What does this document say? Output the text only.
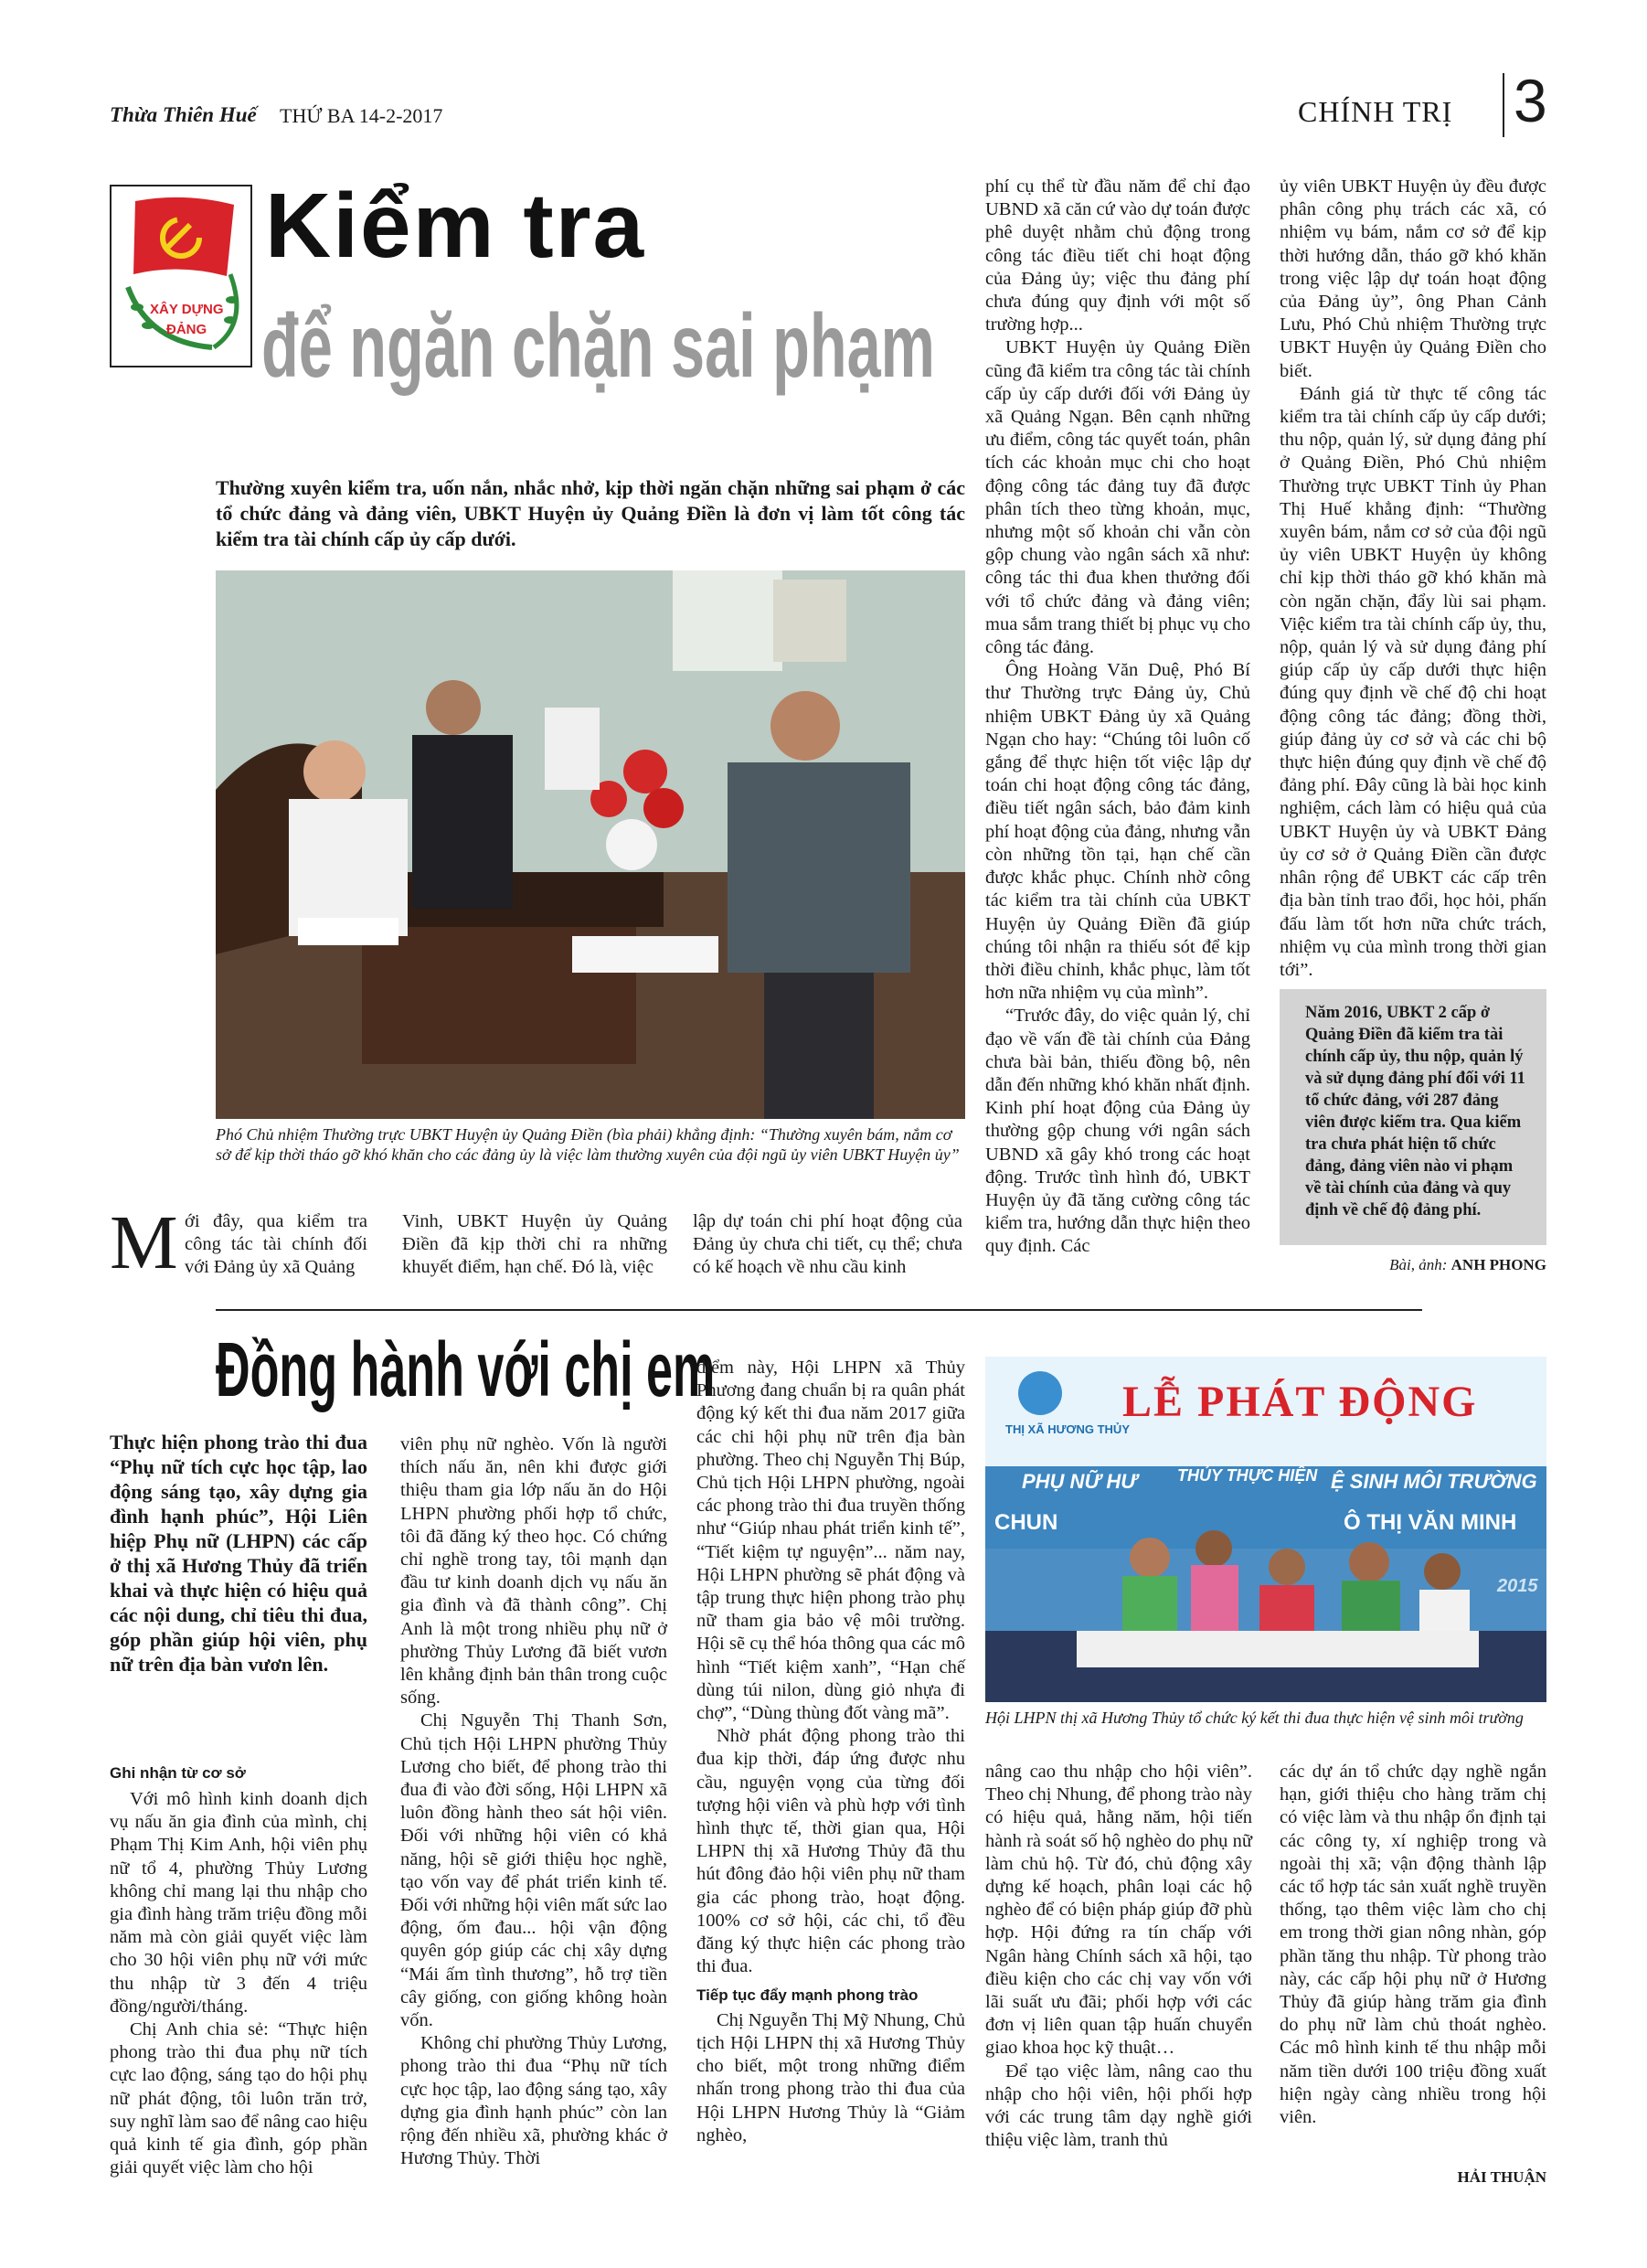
Thừa Thiên Huế THỨ BA 14-2-2017	CHÍNH TRỊ 3
XÂY DỰNG
ĐẢNG
Kiểm tra
để ngăn chặn sai phạm
Thường xuyên kiểm tra, uốn nắn, nhắc nhở, kịp thời ngăn chặn những sai phạm ở các tổ chức đảng và đảng viên, UBKT Huyện ủy Quảng Điền là đơn vị làm tốt công tác kiểm tra tài chính cấp ủy cấp dưới.
Phó Chủ nhiệm Thường trực UBKT Huyện ủy Quảng Điền (bìa phải) khẳng định: “Thường xuyên bám, nắm cơ sở để kịp thời tháo gỡ khó khăn cho các đảng ủy là việc làm thường xuyên của đội ngũ ủy viên UBKT Huyện ủy”
M ới đây, qua kiểm tra công tác tài chính đối với Đảng ủy xã Quảng
Vinh, UBKT Huyện ủy Quảng Điền đã kịp thời chỉ ra những khuyết điểm, hạn chế. Đó là, việc
lập dự toán chi phí hoạt động của Đảng ủy chưa chi tiết, cụ thể; chưa có kế hoạch về nhu cầu kinh

phí cụ thể từ đầu năm để chỉ đạo UBND xã căn cứ vào dự toán được phê duyệt nhằm chủ động trong công tác điều tiết chi hoạt động của Đảng ủy; việc thu đảng phí chưa đúng quy định với một số trường hợp...

UBKT Huyện ủy Quảng Điền cũng đã kiểm tra công tác tài chính cấp ủy cấp dưới đối với Đảng ủy xã Quảng Ngạn. Bên cạnh những ưu điểm, công tác quyết toán, phân tích các khoản mục chi cho hoạt động công tác đảng tuy đã được phân tích theo từng khoản, mục, nhưng một số khoản chi vẫn còn gộp chung vào ngân sách xã như: công tác thi đua khen thưởng đối với tổ chức đảng và đảng viên; mua sắm trang thiết bị phục vụ cho công tác đảng.

Ông Hoàng Văn Duệ, Phó Bí thư Thường trực Đảng ủy, Chủ nhiệm UBKT Đảng ủy xã Quảng Ngạn cho hay: “Chúng tôi luôn cố gắng để thực hiện tốt việc lập dự toán chi hoạt động công tác đảng, điều tiết ngân sách, bảo đảm kinh phí hoạt động của đảng, nhưng vẫn còn những tồn tại, hạn chế cần được khắc phục. Chính nhờ công tác kiểm tra tài chính của UBKT Huyện ủy Quảng Điền đã giúp chúng tôi nhận ra thiếu sót để kịp thời điều chỉnh, khắc phục, làm tốt hơn nữa nhiệm vụ của mình”.

“Trước đây, do việc quản lý, chỉ đạo về vấn đề tài chính của Đảng chưa bài bản, thiếu đồng bộ, nên dẫn đến những khó khăn nhất định. Kinh phí hoạt động của Đảng ủy thường gộp chung với ngân sách UBND xã gây khó trong các hoạt động. Trước tình hình đó, UBKT Huyện ủy đã tăng cường công tác kiểm tra, hướng dẫn thực hiện theo quy định. Các

ủy viên UBKT Huyện ủy đều được phân công phụ trách các xã, có nhiệm vụ bám, nắm cơ sở để kịp thời hướng dẫn, tháo gỡ khó khăn trong việc lập dự toán hoạt động của Đảng ủy”, ông Phan Cảnh Lưu, Phó Chủ nhiệm Thường trực UBKT Huyện ủy Quảng Điền cho biết.

Đánh giá từ thực tế công tác kiểm tra tài chính cấp ủy cấp dưới; thu nộp, quản lý, sử dụng đảng phí ở Quảng Điền, Phó Chủ nhiệm Thường trực UBKT Tỉnh ủy Phan Thị Huế khẳng định: “Thường xuyên bám, nắm cơ sở của đội ngũ ủy viên UBKT Huyện ủy không chỉ kịp thời tháo gỡ khó khăn mà còn ngăn chặn, đẩy lùi sai phạm. Việc kiểm tra tài chính cấp ủy, thu, nộp, quản lý và sử dụng đảng phí giúp cấp ủy cấp dưới thực hiện đúng quy định về chế độ chi hoạt động công tác đảng; đồng thời, giúp đảng ủy cơ sở và các chi bộ thực hiện đúng quy định về chế độ đảng phí. Đây cũng là bài học kinh nghiệm, cách làm có hiệu quả của UBKT Huyện ủy và UBKT Đảng ủy cơ sở ở Quảng Điền cần được nhân rộng để UBKT các cấp trên địa bàn tỉnh trao đổi, học hỏi, phấn đấu làm tốt hơn nữa chức trách, nhiệm vụ của mình trong thời gian tới”.

Năm 2016, UBKT 2 cấp ở Quảng Điền đã kiểm tra tài chính cấp ủy, thu nộp, quản lý và sử dụng đảng phí đối với 11 tổ chức đảng, với 287 đảng viên được kiểm tra. Qua kiểm tra chưa phát hiện tổ chức đảng, đảng viên nào vi phạm về tài chính của đảng và quy định về chế độ đảng phí.
Bài, ảnh: ANH PHONG
Đồng hành với chị em
Thực hiện phong trào thi đua “Phụ nữ tích cực học tập, lao động sáng tạo, xây dựng gia đình hạnh phúc”, Hội Liên hiệp Phụ nữ (LHPN) các cấp ở thị xã Hương Thủy đã triển khai và thực hiện có hiệu quả các nội dung, chỉ tiêu thi đua, góp phần giúp hội viên, phụ nữ trên địa bàn vươn lên.
Ghi nhận từ cơ sở

Với mô hình kinh doanh dịch vụ nấu ăn gia đình của mình, chị Phạm Thị Kim Anh, hội viên phụ nữ tổ 4, phường Thủy Lương không chỉ mang lại thu nhập cho gia đình hàng trăm triệu đồng mỗi năm mà còn giải quyết việc làm cho 30 hội viên phụ nữ với mức thu nhập từ 3 đến 4 triệu đồng/người/tháng.

Chị Anh chia sẻ: “Thực hiện phong trào thi đua phụ nữ tích cực lao động, sáng tạo do hội phụ nữ phát động, tôi luôn trăn trở, suy nghĩ làm sao để nâng cao hiệu quả kinh tế gia đình, góp phần giải quyết việc làm cho hội

viên phụ nữ nghèo. Vốn là người thích nấu ăn, nên khi được giới thiệu tham gia lớp nấu ăn do Hội LHPN phường phối hợp tổ chức, tôi đã đăng ký theo học. Có chứng chỉ nghề trong tay, tôi mạnh dạn đầu tư kinh doanh dịch vụ nấu ăn gia đình và đã thành công”. Chị Anh là một trong nhiều phụ nữ ở phường Thủy Lương đã biết vươn lên khẳng định bản thân trong cuộc sống.

Chị Nguyễn Thị Thanh Sơn, Chủ tịch Hội LHPN phường Thủy Lương cho biết, để phong trào thi đua đi vào đời sống, Hội LHPN xã luôn đồng hành theo sát hội viên. Đối với những hội viên có khả năng, hội sẽ giới thiệu học nghề, tạo vốn vay để phát triển kinh tế. Đối với những hội viên mất sức lao động, ốm đau... hội vận động quyên góp giúp các chị xây dựng “Mái ấm tình thương”, hỗ trợ tiền cây giống, con giống không hoàn vốn.

Không chỉ phường Thủy Lương, phong trào thi đua “Phụ nữ tích cực học tập, lao động sáng tạo, xây dựng gia đình hạnh phúc” còn lan rộng đến nhiều xã, phường khác ở Hương Thủy. Thời

điểm này, Hội LHPN xã Thủy Phương đang chuẩn bị ra quân phát động ký kết thi đua năm 2017 giữa các chi hội phụ nữ trên địa bàn phường. Theo chị Nguyễn Thị Búp, Chủ tịch Hội LHPN phường, ngoài các phong trào thi đua truyền thống như “Giúp nhau phát triển kinh tế”, “Tiết kiệm tự nguyện”... năm nay, Hội LHPN phường sẽ phát động và tập trung thực hiện phong trào phụ nữ tham gia bảo vệ môi trường. Hội sẽ cụ thể hóa thông qua các mô hình “Tiết kiệm xanh”, “Hạn chế dùng túi nilon, dùng giỏ nhựa đi chợ”, “Dùng thùng đốt vàng mã”.

Nhờ phát động phong trào thi đua kịp thời, đáp ứng được nhu cầu, nguyện vọng của từng đối tượng hội viên và phù hợp với tình hình thực tế, thời gian qua, Hội LHPN thị xã Hương Thủy đã thu hút đông đảo hội viên phụ nữ tham gia các phong trào, hoạt động. 100% cơ sở hội, các chi, tổ đều đăng ký thực hiện các phong trào thi đua.

Tiếp tục đẩy mạnh phong trào

Chị Nguyễn Thị Mỹ Nhung, Chủ tịch Hội LHPN thị xã Hương Thủy cho biết, một trong những điểm nhấn trong phong trào thi đua của Hội LHPN Hương Thủy là “Giảm nghèo,

THỊ XÃ HƯƠNG THỦY
LỄ PHÁT ĐỘNG
PHỤ NỮ HƯ THỦY THỰC HIỆN Ệ SINH MÔI TRƯỜNG
CHUN	Ô THỊ VĂN MINH
2015
Hội LHPN thị xã Hương Thủy tổ chức ký kết thi đua thực hiện vệ sinh môi trường

nâng cao thu nhập cho hội viên”. Theo chị Nhung, để phong trào này có hiệu quả, hằng năm, hội tiến hành rà soát số hộ nghèo do phụ nữ làm chủ hộ. Từ đó, chủ động xây dựng kế hoạch, phân loại các hộ nghèo để có biện pháp giúp đỡ phù hợp. Hội đứng ra tín chấp với Ngân hàng Chính sách xã hội, tạo điều kiện cho các chị vay vốn với lãi suất ưu đãi; phối hợp với các đơn vị liên quan tập huấn chuyển giao khoa học kỹ thuật…

Để tạo việc làm, nâng cao thu nhập cho hội viên, hội phối hợp với các trung tâm dạy nghề giới thiệu việc làm, tranh thủ

các dự án tổ chức dạy nghề ngắn hạn, giới thiệu cho hàng trăm chị có việc làm và thu nhập ổn định tại các công ty, xí nghiệp trong và ngoài thị xã; vận động thành lập các tổ hợp tác sản xuất nghề truyền thống, tạo thêm việc làm cho chị em trong thời gian nông nhàn, góp phần tăng thu nhập. Từ phong trào này, các cấp hội phụ nữ ở Hương Thủy đã giúp hàng trăm gia đình do phụ nữ làm chủ thoát nghèo. Các mô hình kinh tế thu nhập mỗi năm tiền dưới 100 triệu đồng xuất hiện ngày càng nhiều trong hội viên.

HẢI THUẬN
